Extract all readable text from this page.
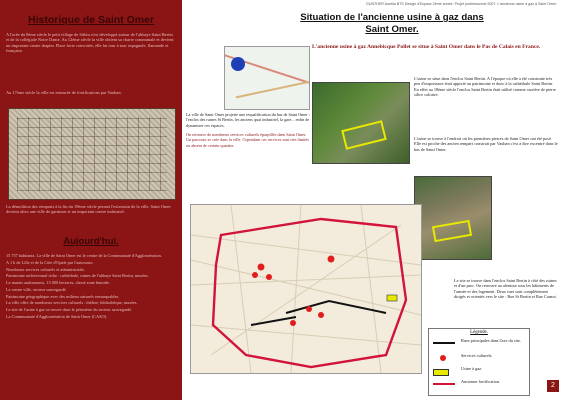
Historique de Saint Omer

A l'orée du 8ème siècle le petit village de Sithiu s'est développé autour de l'abbaye Saint Bertin et de la collégiale Notre Dame. Au 12ème siècle la ville obtient sa charte communale et devient un important centre drapier. Place forte convoitée, elle fut tour à tour espagnole, flamande et française.

Au 17ème siècle la ville est entourée de fortifications par Vauban.

La démolition des remparts à la fin du 19ème siècle permet l'extension de la ville. Saint Omer devient alors une ville de garnison et un important centre industriel.

Aujourd'hui.
15 757 habitants. La ville de Saint Omer est le centre de la Communauté d'Agglomération.
A 1 h de Lille et de la Côte d'Opale par l'autoroute.
Nombreux services culturels et administratifs.
Patrimoine architectural riche : cathédrale, ruines de l'abbaye Saint Bertin, musées.
Le marais audomarois, 13 000 hectares, classé zone humide.
Le centre ville, secteur sauvegardé.
Patrimoine géographique avec des milieux naturels remarquables.
La ville offre de nombreux services culturels : théâtre, bibliothèque, musées.
Le site de l'usine à gaz se trouve dans le périmètre du secteur sauvegardé.
La Communauté d'Agglomération de Saint Omer (CASO).
GUNTHER Aurélia BTS Design d'Espace 2ème année. Projet professionnel 2007. L'ancienne usine à gaz à Saint Omer.
Situation de l'ancienne usine à gaz dans Saint Omer.

L'ancienne usine à gaz Annebicque Pollet se situe à Saint Omer dans le Pas de Calais en France.

La ville de Saint Omer projette une requalification du bas de Saint Omer : l'enclos des ruines St Bertin, les anciens quai industriel, la gare... enfin de dynamiser ces espaces.

On retrouve de nombreux services culturels éparpillés dans Saint Omer. Un parcours se crée dans la ville. Cependant ces services sont très limités ou absent de certain quartier.

L'usine se situe dans l'enclos Saint Bertin. A l'époque où elle a été construite très peu d'importance était apporté au patrimoine et donc à la cathédrale Saint Bertin. En effet au 18ème siècle l'enclos Saint Bertin était utilisé comme carrière de pierre silice calcaire.

L'usine se trouve à l'endroit où les premières pierres de Saint Omer ont été posé. Elle est proche des ancien rempart construit par Vauban c'est à dire excentré dans le bas de Saint Omer.

Le site se trouve dans l'enclos Saint Bertin à côté des ruines et d'un parc. On retrouve au alentour tous les bâtiments de l'armée et des logement. Deux rues sont complètement dirigés et orientés vers le site : Rue St Bertin et Rue Carnot.

Légende.
Rues principales dans l'axe du site.
Services culturels.
Usine à gaz.
Ancienne fortification.
2
